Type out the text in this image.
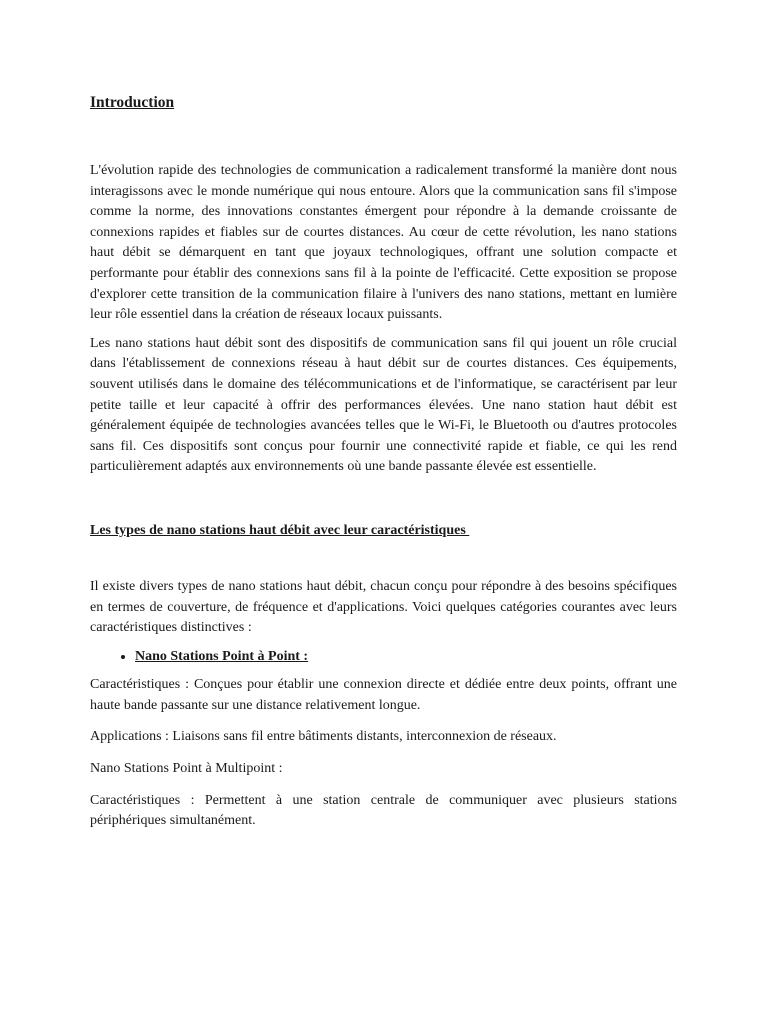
Introduction

L'évolution rapide des technologies de communication a radicalement transformé la manière dont nous interagissons avec le monde numérique qui nous entoure. Alors que la communication sans fil s'impose comme la norme, des innovations constantes émergent pour répondre à la demande croissante de connexions rapides et fiables sur de courtes distances. Au cœur de cette révolution, les nano stations haut débit se démarquent en tant que joyaux technologiques, offrant une solution compacte et performante pour établir des connexions sans fil à la pointe de l'efficacité. Cette exposition se propose d'explorer cette transition de la communication filaire à l'univers des nano stations, mettant en lumière leur rôle essentiel dans la création de réseaux locaux puissants.

Les nano stations haut débit sont des dispositifs de communication sans fil qui jouent un rôle crucial dans l'établissement de connexions réseau à haut débit sur de courtes distances. Ces équipements, souvent utilisés dans le domaine des télécommunications et de l'informatique, se caractérisent par leur petite taille et leur capacité à offrir des performances élevées. Une nano station haut débit est généralement équipée de technologies avancées telles que le Wi-Fi, le Bluetooth ou d'autres protocoles sans fil. Ces dispositifs sont conçus pour fournir une connectivité rapide et fiable, ce qui les rend particulièrement adaptés aux environnements où une bande passante élevée est essentielle.

Les types de nano stations haut débit avec leur caractéristiques

Il existe divers types de nano stations haut débit, chacun conçu pour répondre à des besoins spécifiques en termes de couverture, de fréquence et d'applications. Voici quelques catégories courantes avec leurs caractéristiques distinctives :

• Nano Stations Point à Point :

Caractéristiques : Conçues pour établir une connexion directe et dédiée entre deux points, offrant une haute bande passante sur une distance relativement longue.

Applications : Liaisons sans fil entre bâtiments distants, interconnexion de réseaux.

Nano Stations Point à Multipoint :

Caractéristiques : Permettent à une station centrale de communiquer avec plusieurs stations périphériques simultanément.
